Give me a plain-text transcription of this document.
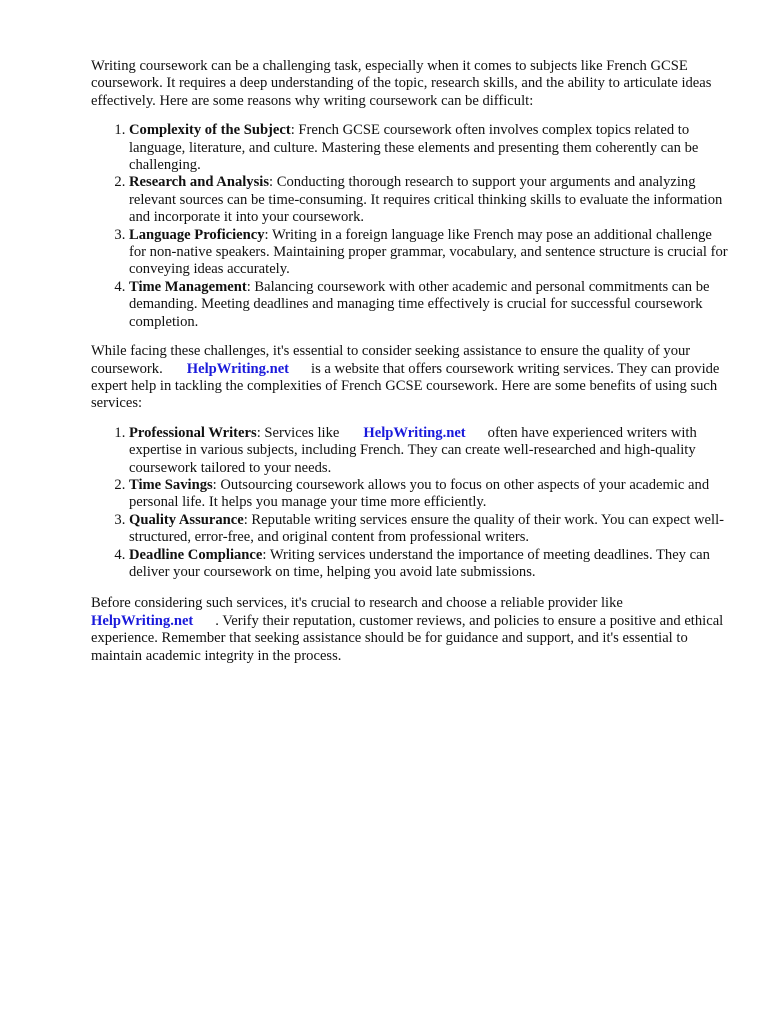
Writing coursework can be a challenging task, especially when it comes to subjects like French GCSE coursework. It requires a deep understanding of the topic, research skills, and the ability to articulate ideas effectively. Here are some reasons why writing coursework can be difficult:

1. Complexity of the Subject: French GCSE coursework often involves complex topics related to language, literature, and culture. Mastering these elements and presenting them coherently can be challenging.
2. Research and Analysis: Conducting thorough research to support your arguments and analyzing relevant sources can be time-consuming. It requires critical thinking skills to evaluate the information and incorporate it into your coursework.
3. Language Proficiency: Writing in a foreign language like French may pose an additional challenge for non-native speakers. Maintaining proper grammar, vocabulary, and sentence structure is crucial for conveying ideas accurately.
4. Time Management: Balancing coursework with other academic and personal commitments can be demanding. Meeting deadlines and managing time effectively is crucial for successful coursework completion.

While facing these challenges, it's essential to consider seeking assistance to ensure the quality of your coursework. HelpWriting.net is a website that offers coursework writing services. They can provide expert help in tackling the complexities of French GCSE coursework. Here are some benefits of using such services:

1. Professional Writers: Services like HelpWriting.net often have experienced writers with expertise in various subjects, including French. They can create well-researched and high-quality coursework tailored to your needs.
2. Time Savings: Outsourcing coursework allows you to focus on other aspects of your academic and personal life. It helps you manage your time more efficiently.
3. Quality Assurance: Reputable writing services ensure the quality of their work. You can expect well-structured, error-free, and original content from professional writers.
4. Deadline Compliance: Writing services understand the importance of meeting deadlines. They can deliver your coursework on time, helping you avoid late submissions.

Before considering such services, it's crucial to research and choose a reliable provider like
HelpWriting.net . Verify their reputation, customer reviews, and policies to ensure a positive and ethical experience. Remember that seeking assistance should be for guidance and support, and it's essential to maintain academic integrity in the process.
